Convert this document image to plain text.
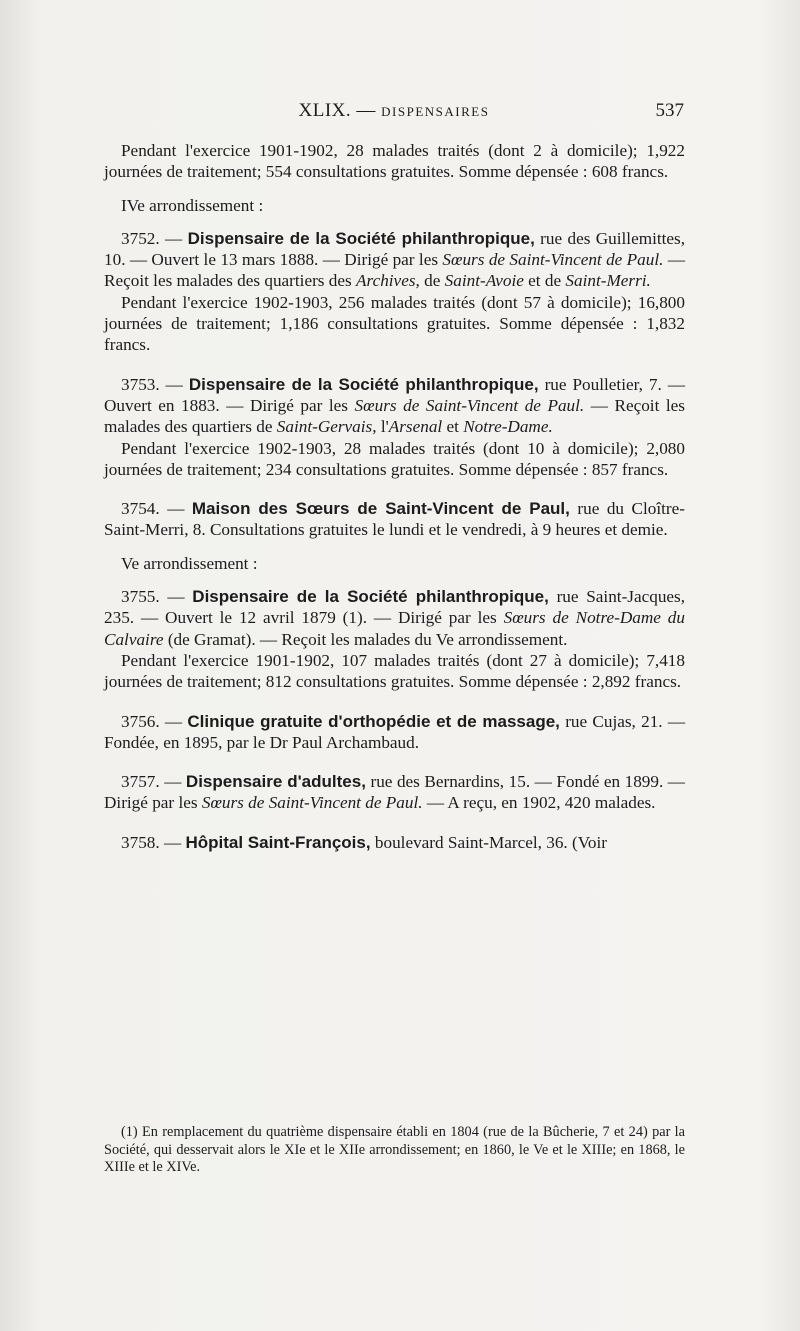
XLIX. — DISPENSAIRES	537

Pendant l'exercice 1901-1902, 28 malades traités (dont 2 à domicile); 1,922 journées de traitement; 554 consultations gratuites. Somme dépensée : 608 francs.

IVe arrondissement :

3752. — Dispensaire de la Société philanthropique, rue des Guillemittes, 10. — Ouvert le 13 mars 1888. — Dirigé par les Sœurs de Saint-Vincent de Paul. — Reçoit les malades des quartiers des Archives, de Saint-Avoie et de Saint-Merri.

Pendant l'exercice 1902-1903, 256 malades traités (dont 57 à domicile); 16,800 journées de traitement; 1,186 consultations gratuites. Somme dépensée : 1,832 francs.

3753. — Dispensaire de la Société philanthropique, rue Poulletier, 7. — Ouvert en 1883. — Dirigé par les Sœurs de Saint-Vincent de Paul. — Reçoit les malades des quartiers de Saint-Gervais, l'Arsenal et Notre-Dame.

Pendant l'exercice 1902-1903, 28 malades traités (dont 10 à domicile); 2,080 journées de traitement; 234 consultations gratuites. Somme dépensée : 857 francs.

3754. — Maison des Sœurs de Saint-Vincent de Paul, rue du Cloître-Saint-Merri, 8. Consultations gratuites le lundi et le vendredi, à 9 heures et demie.

Ve arrondissement :

3755. — Dispensaire de la Société philanthropique, rue Saint-Jacques, 235. — Ouvert le 12 avril 1879 (1). — Dirigé par les Sœurs de Notre-Dame du Calvaire (de Gramat). — Reçoit les malades du Ve arrondissement.

Pendant l'exercice 1901-1902, 107 malades traités (dont 27 à domicile); 7,418 journées de traitement; 812 consultations gratuites. Somme dépensée : 2,892 francs.

3756. — Clinique gratuite d'orthopédie et de massage, rue Cujas, 21. — Fondée, en 1895, par le Dr Paul Archambaud.

3757. — Dispensaire d'adultes, rue des Bernardins, 15. — Fondé en 1899. — Dirigé par les Sœurs de Saint-Vincent de Paul. — A reçu, en 1902, 420 malades.

3758. — Hôpital Saint-François, boulevard Saint-Marcel, 36. (Voir

(1) En remplacement du quatrième dispensaire établi en 1804 (rue de la Bûcherie, 7 et 24) par la Société, qui desservait alors le XIe et le XIIe arrondissement; en 1860, le Ve et le XIIIe; en 1868, le XIIIe et le XIVe.
